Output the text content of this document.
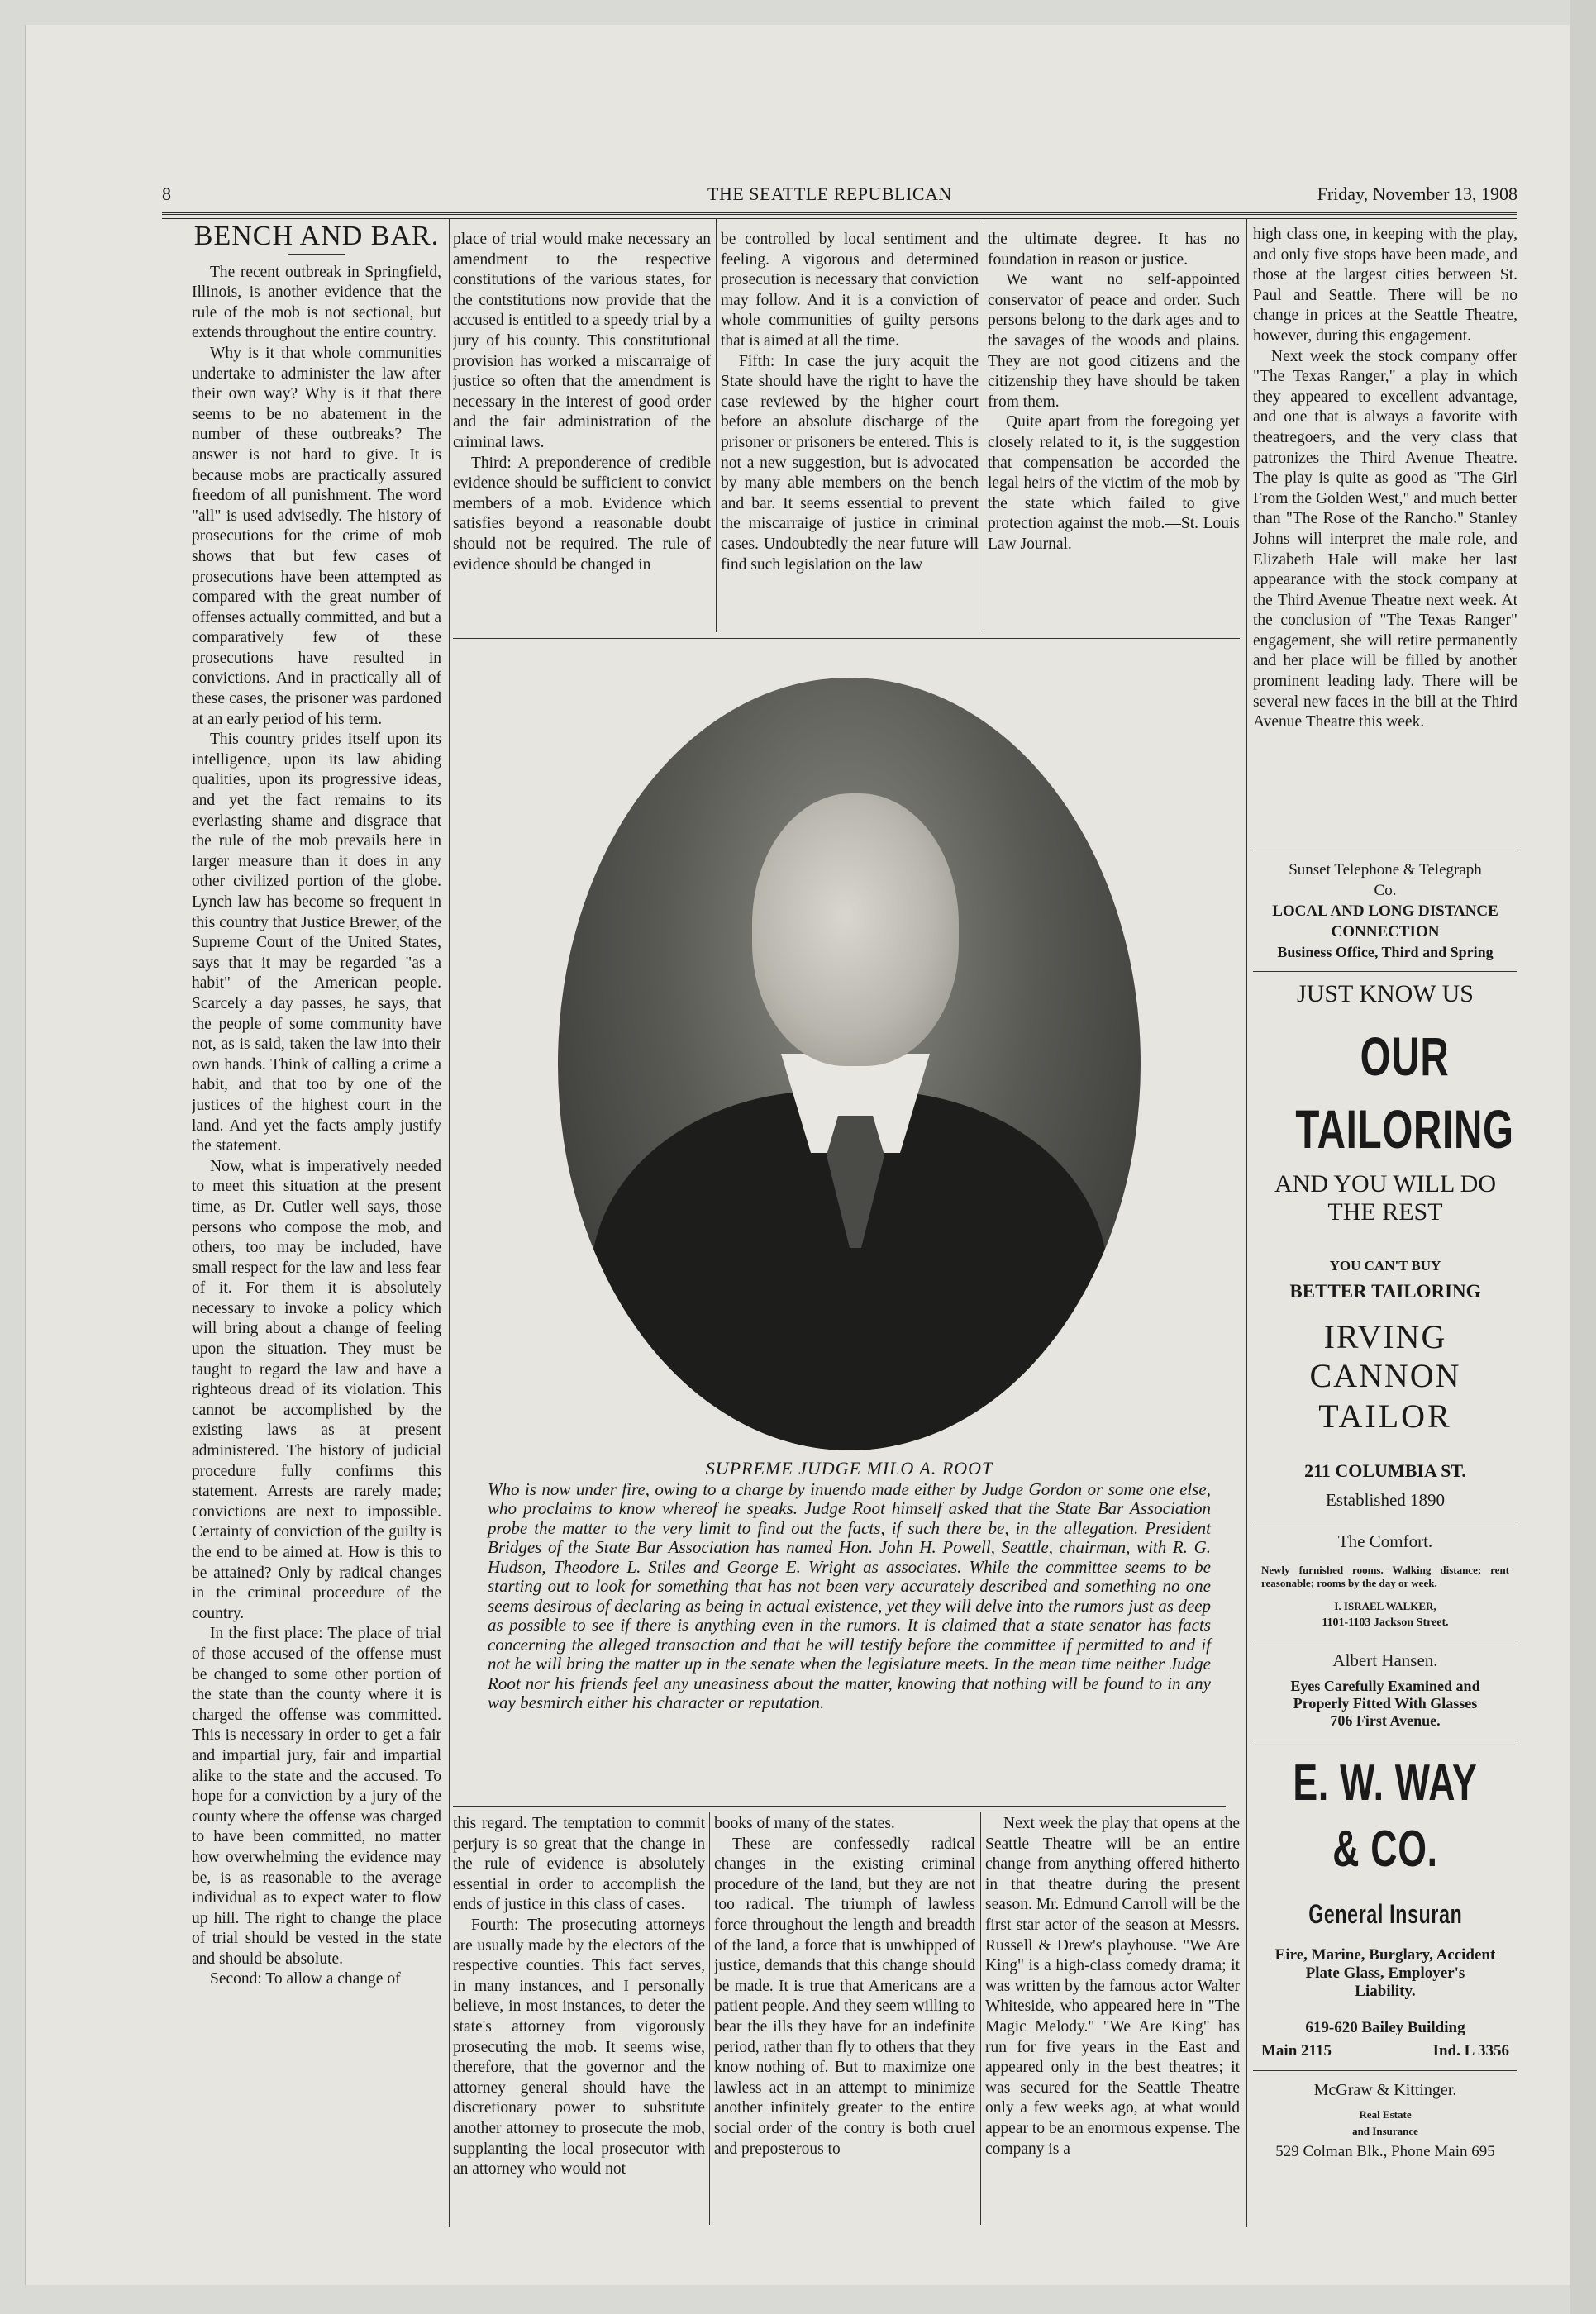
8	THE SEATTLE REPUBLICAN	Friday, November 13, 1908
BENCH AND BAR.

The recent outbreak in Springfield, Illinois, is another evidence that the rule of the mob is not sectional, but extends throughout the entire country.

Why is it that whole communities undertake to administer the law after their own way? Why is it that there seems to be no abatement in the number of these outbreaks? The answer is not hard to give. It is because mobs are practically assured freedom of all punishment. The word "all" is used advisedly. The history of prosecutions for the crime of mob shows that but few cases of prosecutions have been attempted as compared with the great number of offenses actually committed, and but a comparatively few of these prosecutions have resulted in convictions. And in practically all of these cases, the prisoner was pardoned at an early period of his term.

This country prides itself upon its intelligence, upon its law abiding qualities, upon its progressive ideas, and yet the fact remains to its everlasting shame and disgrace that the rule of the mob prevails here in larger measure than it does in any other civilized portion of the globe. Lynch law has become so frequent in this country that Justice Brewer, of the Supreme Court of the United States, says that it may be regarded "as a habit" of the American people. Scarcely a day passes, he says, that the people of some community have not, as is said, taken the law into their own hands. Think of calling a crime a habit, and that too by one of the justices of the highest court in the land. And yet the facts amply justify the statement.

Now, what is imperatively needed to meet this situation at the present time, as Dr. Cutler well says, those persons who compose the mob, and others, too may be included, have small respect for the law and less fear of it. For them it is absolutely necessary to invoke a policy which will bring about a change of feeling upon the situation. They must be taught to regard the law and have a righteous dread of its violation. This cannot be accomplished by the existing laws as at present administered. The history of judicial procedure fully confirms this statement. Arrests are rarely made; convictions are next to impossible. Certainty of conviction of the guilty is the end to be aimed at. How is this to be attained? Only by radical changes in the criminal proceedure of the country.

In the first place: The place of trial of those accused of the offense must be changed to some other portion of the state than the county where it is charged the offense was committed. This is necessary in order to get a fair and impartial jury, fair and impartial alike to the state and the accused. To hope for a conviction by a jury of the county where the offense was charged to have been committed, no matter how overwhelming the evidence may be, is as reasonable to the average individual as to expect water to flow up hill. The right to change the place of trial should be vested in the state and should be absolute.

Second: To allow a change of

place of trial would make necessary an amendment to the respective constitutions of the various states, for the contstitutions now provide that the accused is entitled to a speedy trial by a jury of his county. This constitutional provision has worked a miscarraige of justice so often that the amendment is necessary in the interest of good order and the fair administration of the criminal laws.

Third: A preponderence of credible evidence should be sufficient to convict members of a mob. Evidence which satisfies beyond a reasonable doubt should not be required. The rule of evidence should be changed in

be controlled by local sentiment and feeling. A vigorous and determined prosecution is necessary that conviction may follow. And it is a conviction of whole communities of guilty persons that is aimed at all the time.

Fifth: In case the jury acquit the State should have the right to have the case reviewed by the higher court before an absolute discharge of the prisoner or prisoners be entered. This is not a new suggestion, but is advocated by many able members on the bench and bar. It seems essential to prevent the miscarraige of justice in criminal cases. Undoubtedly the near future will find such legislation on the law

the ultimate degree. It has no foundation in reason or justice.

We want no self-appointed conservator of peace and order. Such persons belong to the dark ages and to the savages of the woods and plains. They are not good citizens and the citizenship they have should be taken from them.

Quite apart from the foregoing yet closely related to it, is the suggestion that compensation be accorded the legal heirs of the victim of the mob by the state which failed to give protection against the mob.—St. Louis Law Journal.

SUPREME JUDGE MILO A. ROOT
Who is now under fire, owing to a charge by inuendo made either by Judge Gordon or some one else, who proclaims to know whereof he speaks. Judge Root himself asked that the State Bar Association probe the matter to the very limit to find out the facts, if such there be, in the allegation. President Bridges of the State Bar Association has named Hon. John H. Powell, Seattle, chairman, with R. G. Hudson, Theodore L. Stiles and George E. Wright as associates. While the committee seems to be starting out to look for something that has not been very accurately described and something no one seems desirous of declaring as being in actual existence, yet they will delve into the rumors just as deep as possible to see if there is anything even in the rumors. It is claimed that a state senator has facts concerning the alleged transaction and that he will testify before the committee if permitted to and if not he will bring the matter up in the senate when the legislature meets. In the mean time neither Judge Root nor his friends feel any uneasiness about the matter, knowing that nothing will be found to in any way besmirch either his character or reputation.

this regard. The temptation to commit perjury is so great that the change in the rule of evidence is absolutely essential in order to accomplish the ends of justice in this class of cases.

Fourth: The prosecuting attorneys are usually made by the electors of the respective counties. This fact serves, in many instances, and I personally believe, in most instances, to deter the state's attorney from vigorously prosecuting the mob. It seems wise, therefore, that the governor and the attorney general should have the discretionary power to substitute another attorney to prosecute the mob, supplanting the local prosecutor with an attorney who would not

books of many of the states.

These are confessedly radical changes in the existing criminal procedure of the land, but they are not too radical. The triumph of lawless force throughout the length and breadth of the land, a force that is unwhipped of justice, demands that this change should be made. It is true that Americans are a patient people. And they seem willing to bear the ills they have for an indefinite period, rather than fly to others that they know nothing of. But to maximize one lawless act in an attempt to minimize another infinitely greater to the entire social order of the contry is both cruel and preposterous to

Next week the play that opens at the Seattle Theatre will be an entire change from anything offered hitherto in that theatre during the present season. Mr. Edmund Carroll will be the first star actor of the season at Messrs. Russell & Drew's playhouse. "We Are King" is a high-class comedy drama; it was written by the famous actor Walter Whiteside, who appeared here in "The Magic Melody." "We Are King" has run for five years in the East and appeared only in the best theatres; it was secured for the Seattle Theatre only a few weeks ago, at what would appear to be an enormous expense. The company is a

high class one, in keeping with the play, and only five stops have been made, and those at the largest cities between St. Paul and Seattle. There will be no change in prices at the Seattle Theatre, however, during this engagement.

Next week the stock company offer "The Texas Ranger," a play in which they appeared to excellent advantage, and one that is always a favorite with theatregoers, and the very class that patronizes the Third Avenue Theatre. The play is quite as good as "The Girl From the Golden West," and much better than "The Rose of the Rancho." Stanley Johns will interpret the male role, and Elizabeth Hale will make her last appearance with the stock company at the Third Avenue Theatre next week. At the conclusion of "The Texas Ranger" engagement, she will retire permanently and her place will be filled by another prominent leading lady. There will be several new faces in the bill at the Third Avenue Theatre this week.

Sunset Telephone & Telegraph
Co.
LOCAL AND LONG DISTANCE
CONNECTION
Business Office, Third and Spring
JUST KNOW US
OUR TAILORING
AND YOU WILL DO
THE REST
YOU CAN'T BUY
BETTER TAILORING
IRVING CANNON
TAILOR
211 COLUMBIA ST.
Established 1890
The Comfort.
Newly furnished rooms. Walking distance; rent reasonable; rooms by the day or week.
I. ISRAEL WALKER,
1101-1103 Jackson Street.
Albert Hansen.
Eyes Carefully Examined and
Properly Fitted With Glasses
706 First Avenue.
E. W. WAY & CO.
General Insuran
Eire, Marine, Burglary, Accident
Plate Glass, Employer's
Liability.
619-620 Bailey Building
Main 2115	Ind. L 3356
McGraw & Kittinger.
Real Estate
and Insurance
529 Colman Blk., Phone Main 695
